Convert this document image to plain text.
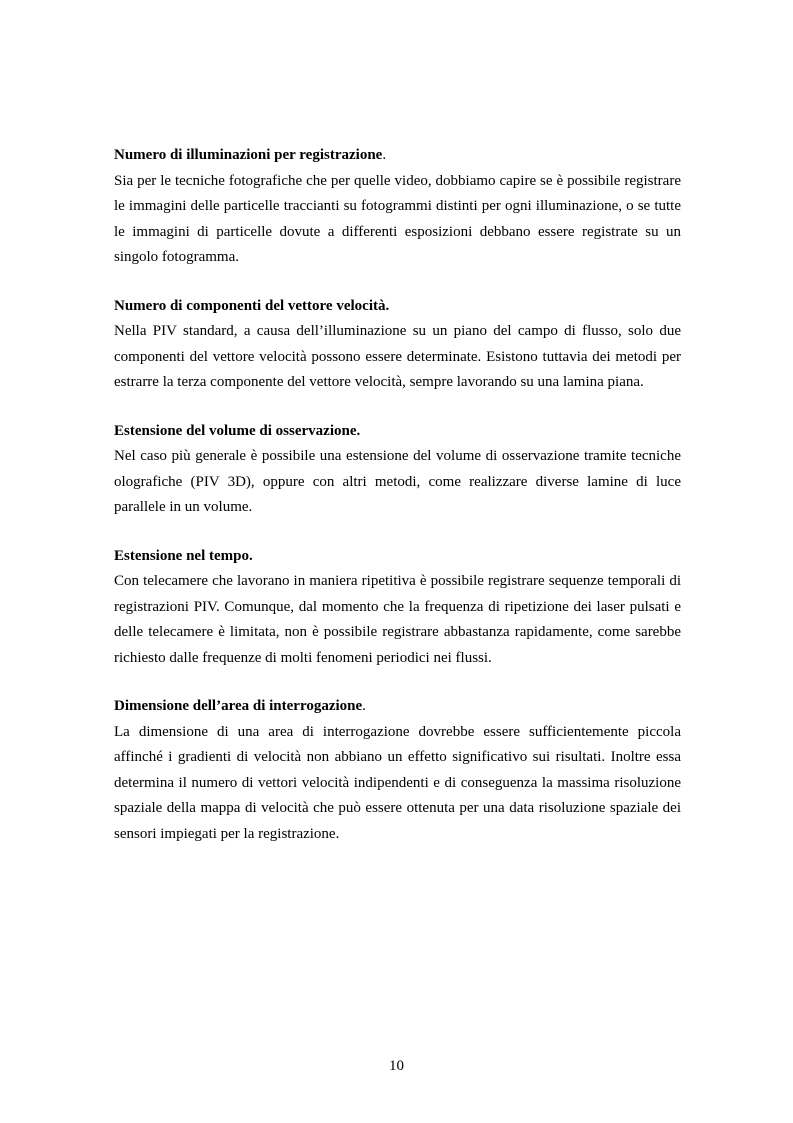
Numero di illuminazioni per registrazione.

Sia per le tecniche fotografiche che per quelle video, dobbiamo capire se è possibile registrare le immagini delle particelle traccianti su fotogrammi distinti per ogni illuminazione, o se tutte le immagini di particelle dovute a differenti esposizioni debbano essere registrate su un singolo fotogramma.

Numero di componenti del vettore velocità.

Nella PIV standard, a causa dell’illuminazione su un piano del campo di flusso, solo due componenti del vettore velocità possono essere determinate. Esistono tuttavia dei metodi per estrarre la terza componente del vettore velocità, sempre lavorando su una lamina piana.

Estensione del volume di osservazione.

Nel caso più generale è possibile una estensione del volume di osservazione tramite tecniche olografiche (PIV 3D), oppure con altri metodi, come realizzare diverse lamine di luce parallele in un volume.

Estensione nel tempo.

Con telecamere che lavorano in maniera ripetitiva è possibile registrare sequenze temporali di registrazioni PIV. Comunque, dal momento che la frequenza di ripetizione dei laser pulsati e delle telecamere è limitata, non è possibile registrare abbastanza rapidamente, come sarebbe richiesto dalle frequenze di molti fenomeni periodici nei flussi.

Dimensione dell’area di interrogazione.

La dimensione di una area di interrogazione dovrebbe essere sufficientemente piccola affinché i gradienti di velocità non abbiano un effetto significativo sui risultati. Inoltre essa determina il numero di vettori velocità indipendenti e di conseguenza la massima risoluzione spaziale della mappa di velocità che può essere ottenuta per una data risoluzione spaziale dei sensori impiegati per la registrazione.

10
